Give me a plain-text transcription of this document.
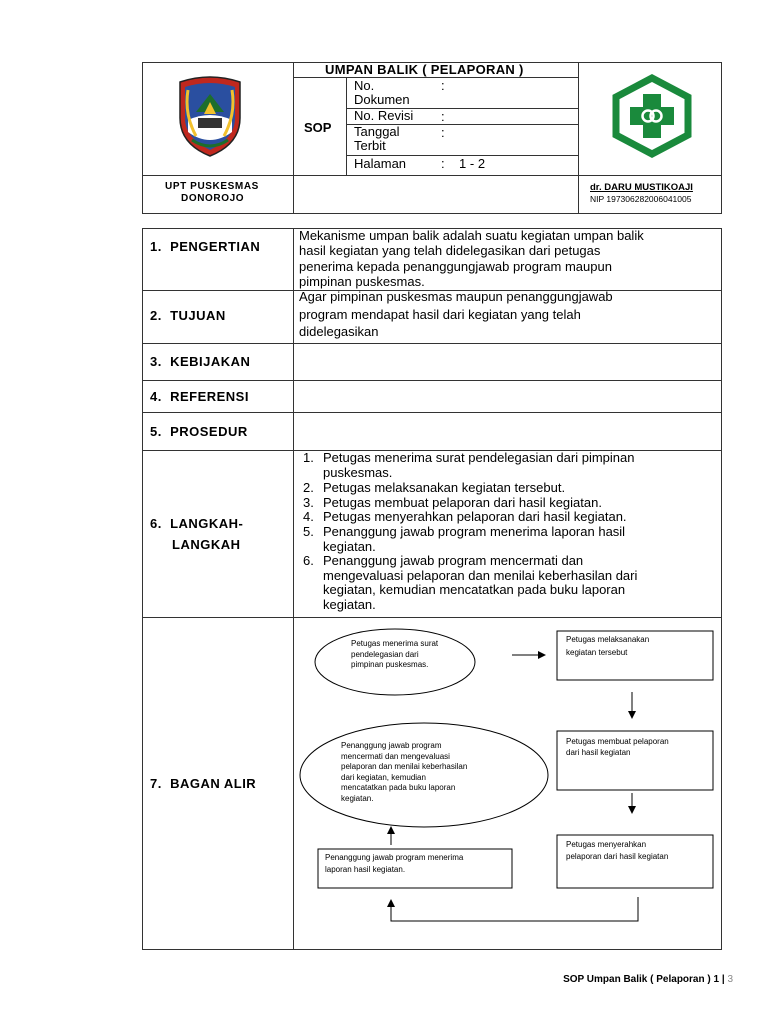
UMPAN BALIK ( PELAPORAN )
SOP
No. Dokumen
:
No. Revisi :
Tanggal Terbit
:
Halaman	:    1 - 2
UPT PUSKESMAS
DONOROJO
dr. DARU MUSTIKOAJI
NIP 197306282006041005
1.  PENGERTIAN
Mekanisme umpan balik adalah suatu kegiatan umpan balik
hasil kegiatan yang telah didelegasikan dari petugas
penerima kepada penanggungjawab program maupun
pimpinan puskesmas.
2.  TUJUAN
Agar pimpinan puskesmas maupun penanggungjawab
program mendapat hasil dari kegiatan yang telah
didelegasikan
3.  KEBIJAKAN
4.  REFERENSI
5.  PROSEDUR
6.  LANGKAH-
LANGKAH
1. Petugas menerima surat pendelegasian dari pimpinan
puskesmas.
2. Petugas melaksanakan kegiatan tersebut.
3. Petugas membuat pelaporan dari hasil kegiatan.
4. Petugas menyerahkan pelaporan dari hasil kegiatan.
5. Penanggung jawab program menerima laporan hasil
kegiatan.
6. Penanggung jawab program mencermati dan
mengevaluasi pelaporan dan menilai keberhasilan dari
kegiatan, kemudian mencatatkan pada buku laporan
kegiatan.
7.  BAGAN ALIR
Petugas menerima surat
pendelegasian dari
pimpinan puskesmas.
Petugas melaksanakan
kegiatan tersebut
Petugas membuat pelaporan
dari hasil kegiatan
Petugas menyerahkan
pelaporan dari hasil kegiatan
Penanggung jawab program menerima
laporan hasil kegiatan.
Penanggung jawab program
mencermati dan mengevaluasi
pelaporan dan menilai keberhasilan
dari kegiatan, kemudian
mencatatkan pada buku laporan
kegiatan.
SOP Umpan Balik ( Pelaporan ) 1 | 3
